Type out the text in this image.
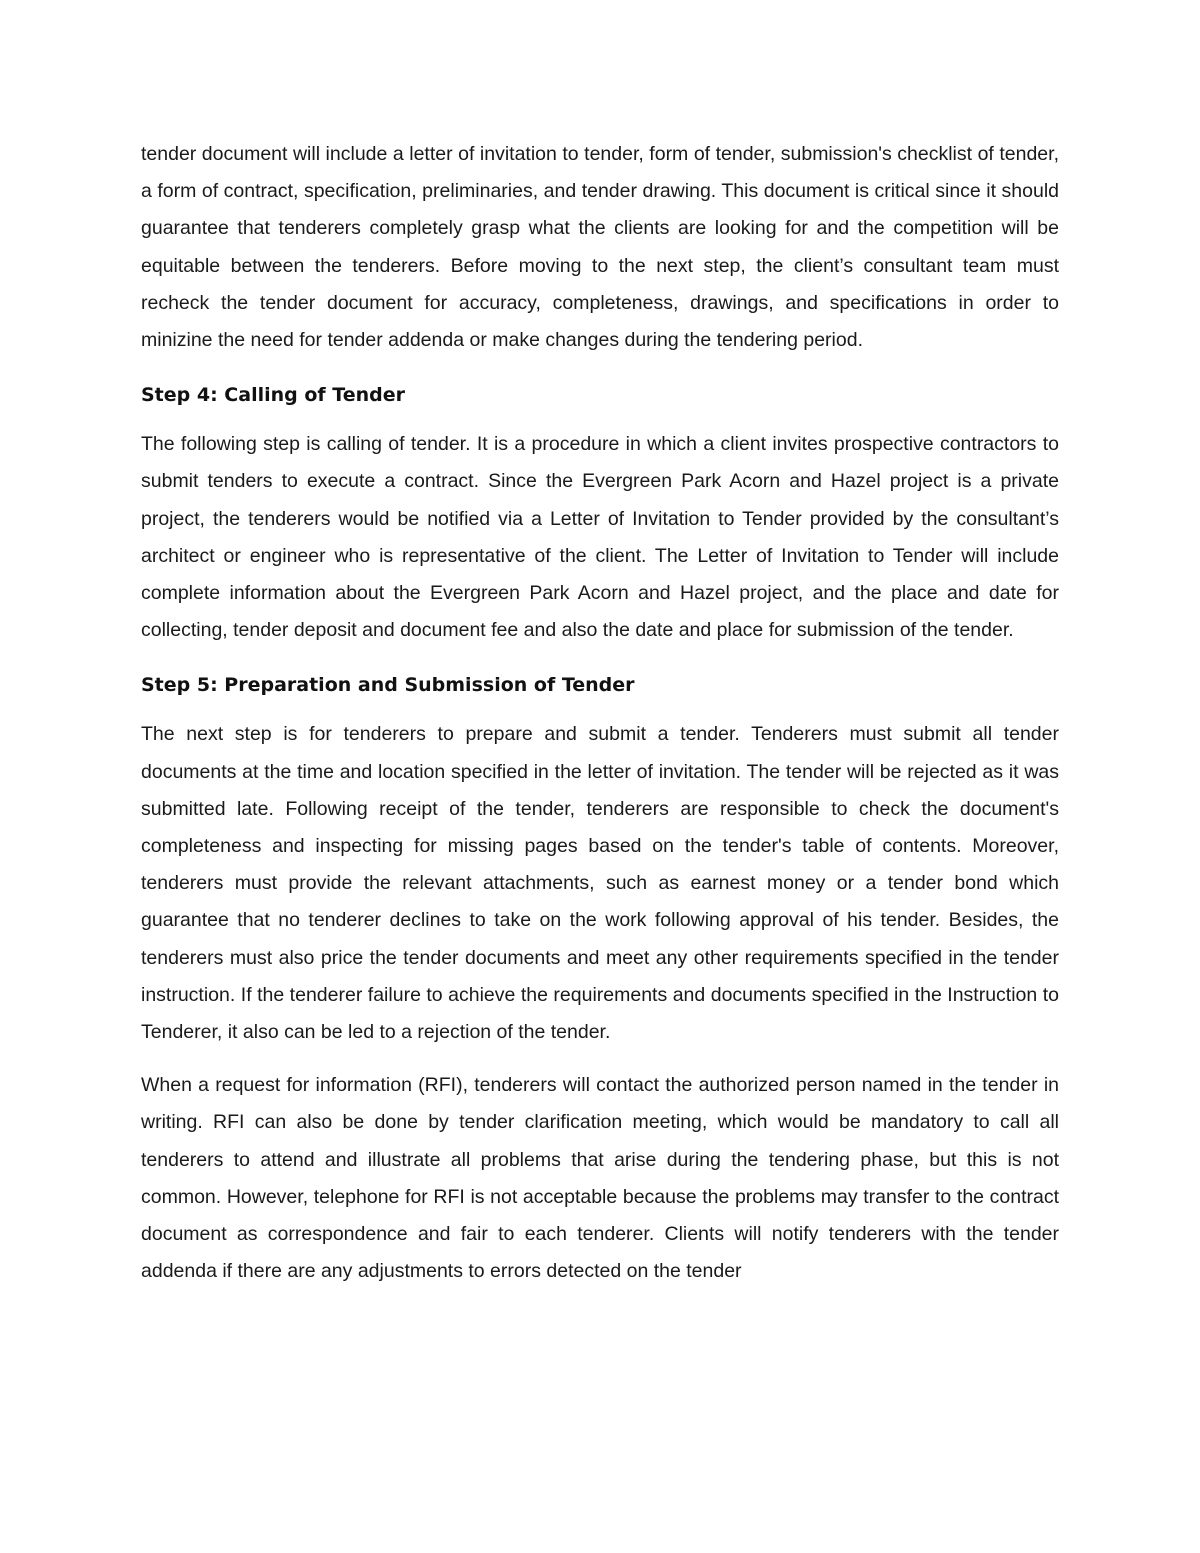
tender document will include a letter of invitation to tender, form of tender, submission's checklist of tender, a form of contract, specification, preliminaries, and tender drawing. This document is critical since it should guarantee that tenderers completely grasp what the clients are looking for and the competition will be equitable between the tenderers. Before moving to the next step, the client’s consultant team must recheck the tender document for accuracy, completeness, drawings, and specifications in order to minizine the need for tender addenda or make changes during the tendering period.

Step 4: Calling of Tender

The following step is calling of tender. It is a procedure in which a client invites prospective contractors to submit tenders to execute a contract. Since the Evergreen Park Acorn and Hazel project is a private project, the tenderers would be notified via a Letter of Invitation to Tender provided by the consultant’s architect or engineer who is representative of the client. The Letter of Invitation to Tender will include complete information about the Evergreen Park Acorn and Hazel project, and the place and date for collecting, tender deposit and document fee and also the date and place for submission of the tender.

Step 5: Preparation and Submission of Tender

The next step is for tenderers to prepare and submit a tender. Tenderers must submit all tender documents at the time and location specified in the letter of invitation. The tender will be rejected as it was submitted late. Following receipt of the tender, tenderers are responsible to check the document's completeness and inspecting for missing pages based on the tender's table of contents. Moreover, tenderers must provide the relevant attachments, such as earnest money or a tender bond which guarantee that no tenderer declines to take on the work following approval of his tender. Besides, the tenderers must also price the tender documents and meet any other requirements specified in the tender instruction. If the tenderer failure to achieve the requirements and documents specified in the Instruction to Tenderer, it also can be led to a rejection of the tender.

When a request for information (RFI), tenderers will contact the authorized person named in the tender in writing. RFI can also be done by tender clarification meeting, which would be mandatory to call all tenderers to attend and illustrate all problems that arise during the tendering phase, but this is not common. However, telephone for RFI is not acceptable because the problems may transfer to the contract document as correspondence and fair to each tenderer. Clients will notify tenderers with the tender addenda if there are any adjustments to errors detected on the tender
